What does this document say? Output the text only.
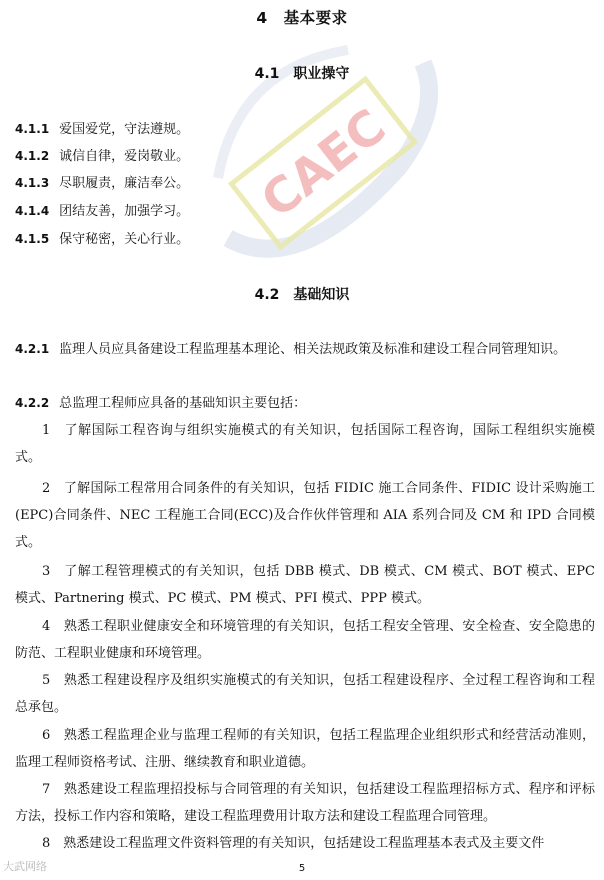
CAEC
4　基本要求
4.1　职业操守
4.1.1 爱国爱党，守法遵规。
4.1.2 诚信自律，爱岗敬业。
4.1.3 尽职履责，廉洁奉公。
4.1.4 团结友善，加强学习。
4.1.5 保守秘密，关心行业。
4.2　基础知识
4.2.1 监理人员应具备建设工程监理基本理论、相关法规政策及标准和建设工程合同管理知识。
4.2.2 总监理工程师应具备的基础知识主要包括：
1　了解国际工程咨询与组织实施模式的有关知识，包括国际工程咨询，国际工程组织实施模式。
2　了解国际工程常用合同条件的有关知识，包括 FIDIC 施工合同条件、FIDIC 设计采购施工(EPC)合同条件、NEC 工程施工合同(ECC)及合作伙伴管理和 AIA 系列合同及 CM 和 IPD 合同模式。
3　了解工程管理模式的有关知识，包括 DBB 模式、DB 模式、CM 模式、BOT 模式、EPC 模式、Partnering 模式、PC 模式、PM 模式、PFI 模式、PPP 模式。
4　熟悉工程职业健康安全和环境管理的有关知识，包括工程安全管理、安全检查、安全隐患的防范、工程职业健康和环境管理。
5　熟悉工程建设程序及组织实施模式的有关知识，包括工程建设程序、全过程工程咨询和工程总承包。
6　熟悉工程监理企业与监理工程师的有关知识，包括工程监理企业组织形式和经营活动准则，监理工程师资格考试、注册、继续教育和职业道德。
7　熟悉建设工程监理招投标与合同管理的有关知识，包括建设工程监理招标方式、程序和评标方法，投标工作内容和策略，建设工程监理费用计取方法和建设工程监理合同管理。
8　熟悉建设工程监理文件资料管理的有关知识，包括建设工程监理基本表式及主要文件
大武网络	5
